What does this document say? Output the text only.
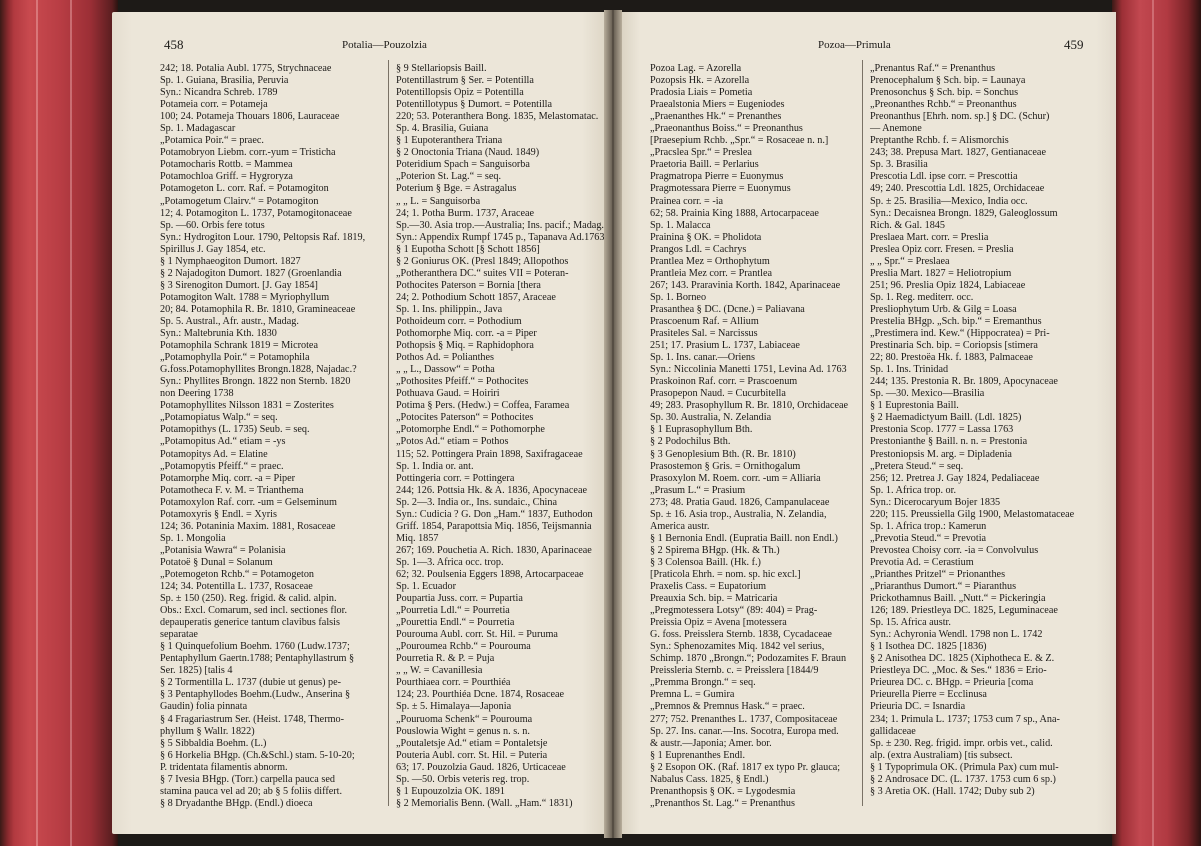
458	Potalia—Pouzolzia
242; 18. Potalia Aubl. 1775, Strychnaceae
Sp. 1. Guiana, Brasilia, Peruvia
Syn.: Nicandra Schreb. 1789
Potameia corr. = Potameja
100; 24. Potameja Thouars 1806, Lauraceae
Sp. 1. Madagascar
„Potamica Poir.“ = praec.
Potamobryon Liebm. corr.-yum = Tristicha
Potamocharis Rottb. = Mammea
Potamochloa Griff. = Hygroryza
Potamogeton L. corr. Raf. = Potamogiton
„Potamogetum Clairv.“ = Potamogiton
12; 4. Potamogiton L. 1737, Potamogitonaceae
Sp. —60. Orbis fere totus
Syn.: Hydrogiton Lour. 1790, Peltopsis Raf. 1819,
Spirillus J. Gay 1854, etc.
§ 1 Nymphaeogiton Dumort. 1827
§ 2 Najadogiton Dumort. 1827 (Groenlandia
§ 3 Sirenogiton Dumort. [J. Gay 1854]
Potamogiton Walt. 1788 = Myriophyllum
20; 84. Potamophila R. Br. 1810, Gramineaceae
Sp. 5. Austral., Afr. austr., Madag.
Syn.: Maltebrunia Kth. 1830
Potamophila Schrank 1819 = Microtea
„Potamophylla Poir.“ = Potamophila
G.foss.Potamophyllites Brongn.1828, Najadac.?
Syn.: Phyllites Brongn. 1822 non Sternb. 1820
non Deering 1738
Potamophyllites Nilsson 1831 = Zosterites
„Potamopiatus Walp.“ = seq.
Potamopithys (L. 1735) Seub. = seq.
„Potamopitus Ad.“ etiam = -ys
Potamopitys Ad. = Elatine
„Potamopytis Pfeiff.“ = praec.
Potamorphe Miq. corr. -a = Piper
Potamotheca F. v. M. = Trianthema
Potamoxylon Raf. corr. -um = Gelseminum
Potamoxyris § Endl. = Xyris
124; 36. Potaninia Maxim. 1881, Rosaceae
Sp. 1. Mongolia
„Potanisia Wawra“ = Polanisia
Potatoë § Dunal = Solanum
„Potemogeton Rchb.“ = Potamogeton
124; 34. Potentilla L. 1737, Rosaceae
Sp. ± 150 (250). Reg. frigid. & calid. alpin.
Obs.: Excl. Comarum, sed incl. sectiones flor.
depauperatis generice tantum clavibus falsis
separatae
§ 1 Quinquefolium Boehm. 1760 (Ludw.1737;
Pentaphyllum Gaertn.1788; Pentaphyllastrum §
Ser. 1825) [talis 4
§ 2 Tormentilla L. 1737 (dubie ut genus) pe-
§ 3 Pentaphyllodes Boehm.(Ludw., Anserina §
Gaudin) folia pinnata
§ 4 Fragariastrum Ser. (Heist. 1748, Thermo-
phyllum § Wallr. 1822)
§ 5 Sibbaldia Boehm. (L.)
§ 6 Horkelia BHgp. (Ch.&Schl.) stam. 5-10-20;
P. tridentata filamentis abnorm.
§ 7 Ivesia BHgp. (Torr.) carpella pauca sed
stamina pauca vel ad 20; ab § 5 foliis differt.
§ 8 Dryadanthe BHgp. (Endl.) dioeca
§ 9 Stellariopsis Baill.
Potentillastrum § Ser. = Potentilla
Potentillopsis Opiz = Potentilla
Potentillotypus § Dumort. = Potentilla
220; 53. Poteranthera Bong. 1835, Melastomatac.
Sp. 4. Brasilia, Guiana
§ 1 Eupoteranthera Triana
§ 2 Onoctonia Triana (Naud. 1849)
Poteridium Spach = Sanguisorba
„Poterion St. Lag.“ = seq.
Poterium § Bge. = Astragalus
„ „ L. = Sanguisorba
24; 1. Potha Burm. 1737, Araceae
Sp.—30. Asia trop.—Australia; Ins. pacif.; Madag.
Syn.: Appendix Rumpf 1745 p., Tapanava Ad.1763
§ 1 Eupotha Schott [§ Schott 1856]
§ 2 Goniurus OK. (Presl 1849; Allopothos
„Potheranthera DC.“ suites VII = Poteran-
Pothocites Paterson = Bornia [thera
24; 2. Pothodium Schott 1857, Araceae
Sp. 1. Ins. philippin., Java
Pothoideum corr. = Pothodium
Pothomorphe Miq. corr. -a = Piper
Pothopsis § Miq. = Raphidophora
Pothos Ad. = Polianthes
„ „ L., Dassow“ = Potha
„Pothosites Pfeiff.“ = Pothocites
Pothuava Gaud. = Hoiriri
Potima § Pers. (Hedw.) = Coffea, Faramea
„Potocites Paterson“ = Pothocites
„Potomorphe Endl.“ = Pothomorphe
„Potos Ad.“ etiam = Pothos
115; 52. Pottingera Prain 1898, Saxifragaceae
Sp. 1. India or. ant.
Pottingeria corr. = Pottingera
244; 126. Pottsia Hk. & A. 1836, Apocynaceae
Sp. 2—3. India or., Ins. sundaic., China
Syn.: Cudicia ? G. Don „Ham.“ 1837, Euthodon
Griff. 1854, Parapottsia Miq. 1856, Teijsmannia
Miq. 1857
267; 169. Pouchetia A. Rich. 1830, Aparinaceae
Sp. 1—3. Africa occ. trop.
62; 32. Poulsenia Eggers 1898, Artocarpaceae
Sp. 1. Ecuador
Poupartia Juss. corr. = Pupartia
„Pourretia Ldl.“ = Pourretia
„Pourettia Endl.“ = Pourretia
Pourouma Aubl. corr. St. Hil. = Puruma
„Pouroumea Rchb.“ = Pourouma
Pourretia R. & P. = Puja
„ „ W. = Cavanillesia
Pourthiaea corr. = Pourthiéa
124; 23. Pourthiéa Dcne. 1874, Rosaceae
Sp. ± 5. Himalaya—Japonia
„Pouruoma Schenk“ = Pourouma
Pouslowia Wight = genus n. s. n.
„Poutaletsje Ad.“ etiam = Pontaletsje
Pouteria Aubl. corr. St. Hil. = Puteria
63; 17. Pouzolzia Gaud. 1826, Urticaceae
Sp. —50. Orbis veteris reg. trop.
§ 1 Eupouzolzia OK. 1891
§ 2 Memorialis Benn. (Wall. „Ham.“ 1831)
Pozoa—Primula	459
Pozoa Lag. = Azorella
Pozopsis Hk. = Azorella
Pradosia Liais = Pometia
Praealstonia Miers = Eugeniodes
„Praenanthes Hk.“ = Prenanthes
„Praeonanthus Boiss.“ = Preonanthus
[Praesepium Rchb. „Spr.“ = Rosaceae n. n.]
„Pracslea Spr.“ = Preslea
Praetoria Baill. = Perlarius
Pragmatropa Pierre = Euonymus
Pragmotessara Pierre = Euonymus
Prainea corr. = -ia
62; 58. Prainia King 1888, Artocarpaceae
Sp. 1. Malacca
Prainina § OK. = Pholidota
Prangos Ldl. = Cachrys
Prantlea Mez = Orthophytum
Prantleia Mez corr. = Prantlea
267; 143. Praravinia Korth. 1842, Aparinaceae
Sp. 1. Borneo
Prasanthea § DC. (Dcne.) = Paliavana
Prascoenum Raf. = Allium
Prasiteles Sal. = Narcissus
251; 17. Prasium L. 1737, Labiaceae
Sp. 1. Ins. canar.—Oriens
Syn.: Niccolinia Manetti 1751, Levina Ad. 1763
Praskoinon Raf. corr. = Prascoenum
Prasopepon Naud. = Cucurbitella
49; 283. Prasophyllum R. Br. 1810, Orchidaceae
Sp. 30. Australia, N. Zelandia
§ 1 Euprasophyllum Bth.
§ 2 Podochilus Bth.
§ 3 Genoplesium Bth. (R. Br. 1810)
Prasostemon § Gris. = Ornithogalum
Prasoxylon M. Roem. corr. -um = Alliaria
„Prasum L.“ = Prasium
273; 48. Pratia Gaud. 1826, Campanulaceae
Sp. ± 16. Asia trop., Australia, N. Zelandia,
America austr.
§ 1 Bernonia Endl. (Eupratia Baill. non Endl.)
§ 2 Spirema BHgp. (Hk. & Th.)
§ 3 Colensoa Baill. (Hk. f.)
[Praticola Ehrh. = nom. sp. hic excl.]
Praxelis Cass. = Eupatorium
Preauxia Sch. bip. = Matricaria
„Pregmotessera Lotsy“ (89: 404) = Prag-
Preissia Opiz = Avena [motessera
G. foss. Preisslera Sternb. 1838, Cycadaceae
Syn.: Sphenozamites Miq. 1842 vel serius,
Schimp. 1870 „Brongn.“; Podozamites F. Braun
Preissleria Sternb. c. = Preisslera [1844/9
„Premma Brongn.“ = seq.
Premna L. = Gumira
„Premnos & Premnus Hask.“ = praec.
277; 752. Prenanthes L. 1737, Compositaceae
Sp. 27. Ins. canar.—Ins. Socotra, Europa med.
& austr.—Japonia; Amer. bor.
§ 1 Euprenanthes Endl.
§ 2 Esopon OK. (Raf. 1817 ex typo Pr. glauca;
Nabalus Cass. 1825, § Endl.)
Prenanthopsis § OK. = Lygodesmia
„Prenanthos St. Lag.“ = Prenanthus
„Prenantus Raf.“ = Prenanthus
Prenocephalum § Sch. bip. = Launaya
Prenosonchus § Sch. bip. = Sonchus
„Preonanthes Rchb.“ = Preonanthus
Preonanthus [Ehrh. nom. sp.] § DC. (Schur)
— Anemone
Preptanthe Rchb. f. = Alismorchis
243; 38. Prepusa Mart. 1827, Gentianaceae
Sp. 3. Brasilia
Prescotia Ldl. ipse corr. = Prescottia
49; 240. Prescottia Ldl. 1825, Orchidaceae
Sp. ± 25. Brasilia—Mexico, India occ.
Syn.: Decaisnea Brongn. 1829, Galeoglossum
Rich. & Gal. 1845
Preslaea Mart. corr. = Preslia
Preslea Opiz corr. Fresen. = Preslia
„ „ Spr.“ = Preslaea
Preslia Mart. 1827 = Heliotropium
251; 96. Preslia Opiz 1824, Labiaceae
Sp. 1. Reg. mediterr. occ.
Presliophytum Urb. & Gilg = Loasa
Prestelia BHgp. „Sch. bip.“ = Eremanthus
„Prestimera ind. Kew.“ (Hippocratea) = Pri-
Prestinaria Sch. bip. = Coriopsis [stimera
22; 80. Prestoëa Hk. f. 1883, Palmaceae
Sp. 1. Ins. Trinidad
244; 135. Prestonia R. Br. 1809, Apocynaceae
Sp. —30. Mexico—Brasilia
§ 1 Euprestonia Baill.
§ 2 Haemadictyum Baill. (Ldl. 1825)
Prestonia Scop. 1777 = Lassa 1763
Prestonianthe § Baill. n. n. = Prestonia
Prestoniopsis M. arg. = Dipladenia
„Pretera Steud.“ = seq.
256; 12. Pretrea J. Gay 1824, Pedaliaceae
Sp. 1. Africa trop. or.
Syn.: Dicerocaryum Bojer 1835
220; 115. Preussiella Gilg 1900, Melastomataceae
Sp. 1. Africa trop.: Kamerun
„Prevotia Steud.“ = Prevotia
Prevostea Choisy corr. -ia = Convolvulus
Prevotia Ad. = Cerastium
„Prianthes Pritzel“ = Prionanthes
„Priaranthus Dumort.“ = Piaranthus
Prickothamnus Baill. „Nutt.“ = Pickeringia
126; 189. Priestleya DC. 1825, Leguminaceae
Sp. 15. Africa austr.
Syn.: Achyronia Wendl. 1798 non L. 1742
§ 1 Isothea DC. 1825 [1836)
§ 2 Anisothea DC. 1825 (Xiphotheca E. & Z.
Priestleya DC. „Moc. & Ses.“ 1836 = Erio-
Prieurea DC. c. BHgp. = Prieuria [coma
Prieurella Pierre = Ecclinusa
Prieuria DC. = Isnardia
234; 1. Primula L. 1737; 1753 cum 7 sp., Ana-
gallidaceae
Sp. ± 230. Reg. frigid. impr. orbis vet., calid.
alp. (extra Australiam) [tis subsect.
§ 1 Typoprimula OK. (Primula Pax) cum mul-
§ 2 Androsace DC. (L. 1737. 1753 cum 6 sp.)
§ 3 Aretia OK. (Hall. 1742; Duby sub 2)
